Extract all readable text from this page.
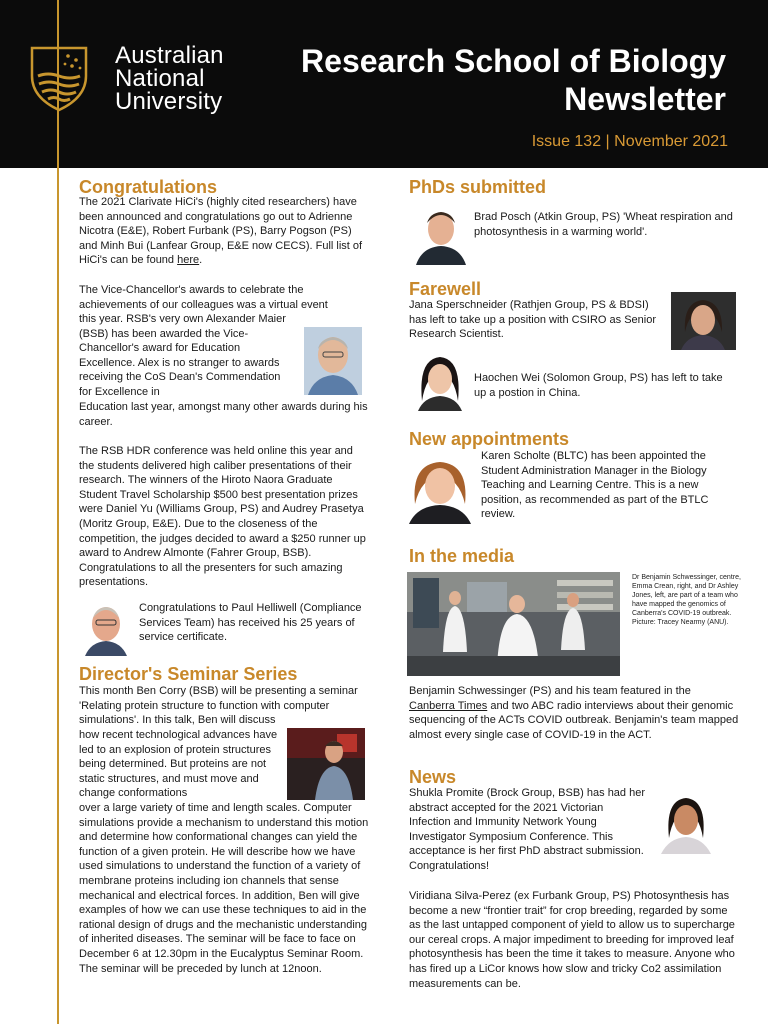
Australian
National
University
Research School of Biology
Newsletter
Issue 132 | November 2021
Congratulations
The 2021 Clarivate HiCi's (highly cited researchers) have been announced and congratulations go out to Adrienne Nicotra (E&E), Robert Furbank (PS), Barry Pogson (PS) and Minh Bui (Lanfear Group, E&E now CECS). Full list of HiCi's can be found here.
The Vice-Chancellor's awards to celebrate the achievements of our colleagues was a virtual event
this year. RSB's very own Alexander Maier (BSB) has been awarded the Vice-Chancellor's award for Education Excellence. Alex is no stranger to awards receiving the CoS Dean's Commendation for Excellence in
Education last year, amongst many other awards during his career.
The RSB HDR conference was held online this year and the students delivered high caliber presentations of their research. The winners of the Hiroto Naora Graduate Student Travel Scholarship $500 best presentation prizes were Daniel Yu (Williams Group, PS) and Audrey Prasetya (Moritz Group, E&E). Due to the closeness of the competition, the judges decided to award a $250 runner up award to Andrew Almonte (Fahrer Group, BSB). Congratulations to all the presenters for such amazing presentations.
Congratulations to Paul Helliwell (Compliance Services Team) has received his 25 years of service certificate.
Director's Seminar Series
This month Ben Corry (BSB) will be presenting a seminar 'Relating protein structure to function with computer simulations'. In this talk, Ben will discuss
how recent technological advances have led to an explosion of protein structures being determined. But proteins are not static structures, and must move and change conformations
over a large variety of time and length scales. Computer simulations provide a mechanism to understand this motion and determine how conformational changes can yield the function of a given protein. He will describe how we have used simulations to understand the function of a variety of membrane proteins including ion channels that sense mechanical and electrical forces. In addition, Ben will give examples of how we can use these techniques to aid in the rational design of drugs and the mechanistic understanding of inherited diseases. The seminar will be face to face on December 6 at 12.30pm in the Eucalyptus Seminar Room. The seminar will be preceded by lunch at 12noon.
PhDs submitted
Brad Posch (Atkin Group, PS) 'Wheat respiration and photosynthesis in a warming world'.
Farewell
Jana Sperschneider (Rathjen Group, PS & BDSI) has left to take up a position with CSIRO as Senior Research Scientist.
Haochen Wei (Solomon Group, PS) has left to take up a postion in China.
New appointments
Karen Scholte (BLTC) has been appointed the Student Administration Manager in the Biology Teaching and Learning Centre. This is a new position, as recommended as part of the BTLC review.
In the media
Dr Benjamin Schwessinger, centre, Emma Crean, right, and Dr Ashley Jones, left, are part of a team who have mapped the genomics of Canberra's COVID-19 outbreak. Picture: Tracey Nearmy (ANU).
Benjamin Schwessinger (PS) and his team featured in the Canberra Times and two ABC radio interviews about their genomic sequencing of the ACTs COVID outbreak. Benjamin's team mapped almost every single case of COVID-19 in the ACT.
News
Shukla Promite (Brock Group, BSB) has had her abstract accepted for the 2021 Victorian Infection and Immunity Network Young Investigator Symposium Conference. This acceptance is her first PhD abstract submission. Congratulations!
Viridiana Silva-Perez (ex Furbank Group, PS) Photosynthesis has become a new “frontier trait” for crop breeding, regarded by some as the last untapped component of yield to allow us to supercharge our cereal crops. A major impediment to breeding for improved leaf photosynthesis has been the time it takes to measure. Anyone who has fired up a LiCor knows how slow and tricky Co2 assimilation measurements can be.
